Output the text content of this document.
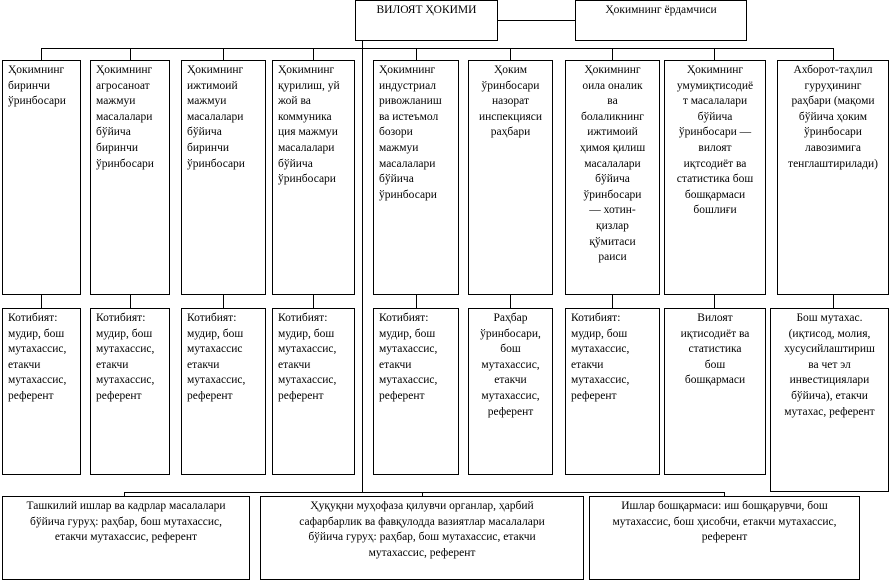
ВИЛОЯТ ҲОКИМИ	Ҳокимнинг ёрдамчиси
Ҳокимнинг
биринчи
ўринбосари
Ҳокимнинг
агросаноат
мажмуи
масалалари
бўйича
биринчи
ўринбосари
Ҳокимнинг
ижтимоий
мажмуи
масалалари
бўйича
биринчи
ўринбосари
Ҳокимнинг
қурилиш, уй
жой ва
коммуника
ция мажмуи
масалалари
бўйича
ўринбосари
Ҳокимнинг
индустриал
ривожланиш
ва истеъмол
бозори
мажмуи
масалалари
бўйича
ўринбосари
Ҳоким
ўринбосари
назорат
инспекцияси
раҳбари
Ҳокимнинг
оила оналик
ва
болаликнинг
ижтимоий
ҳимоя қилиш
масалалари
бўйича
ўринбосари
— хотин-
қизлар
қўмитаси
раиси
Ҳокимнинг
умумиқтисодиё
т масалалари
бўйича
ўринбосари —
вилоят
иқтсодиёт ва
статистика бош
бошқармаси
бошлиғи
Ахборот-таҳлил
гуруҳининг
раҳбари (мақоми
бўйича ҳоким
ўринбосари
лавозимига
тенглаштирилади)
Котибият:
мудир, бош
мутахассис,
етакчи
мутахассис,
референт
Котибият:
мудир, бош
мутахассис,
етакчи
мутахассис,
референт
Котибият:
мудир, бош
мутахассис
етакчи
мутахассис,
референт
Котибият:
мудир, бош
мутахассис,
етакчи
мутахассис,
референт
Котибият:
мудир, бош
мутахассис,
етакчи
мутахассис,
референт
Раҳбар
ўринбосари,
бош
мутахассис,
етакчи
мутахассис,
референт
Котибият:
мудир, бош
мутахассис,
етакчи
мутахассис,
референт
Вилоят
иқтисодиёт ва
статистика
бош
бошқармаси
Бош мутахас.
(иқтисод, молия,
хусусийлаштириш
ва чет эл
инвестициялари
бўйича), етакчи
мутахас, референт
Ташкилий ишлар ва кадрлар масалалари
бўйича гуруҳ: раҳбар, бош мутахассис,
етакчи мутахассис, референт
Ҳуқуқни муҳофаза қилувчи органлар, ҳарбий
сафарбарлик ва фавқулодда вазиятлар масалалари
бўйича гуруҳ: раҳбар, бош мутахассис, етакчи
мутахассис, референт
Ишлар бошқармаси: иш бошқарувчи, бош
мутахассис, бош ҳисобчи, етакчи мутахассис,
референт
